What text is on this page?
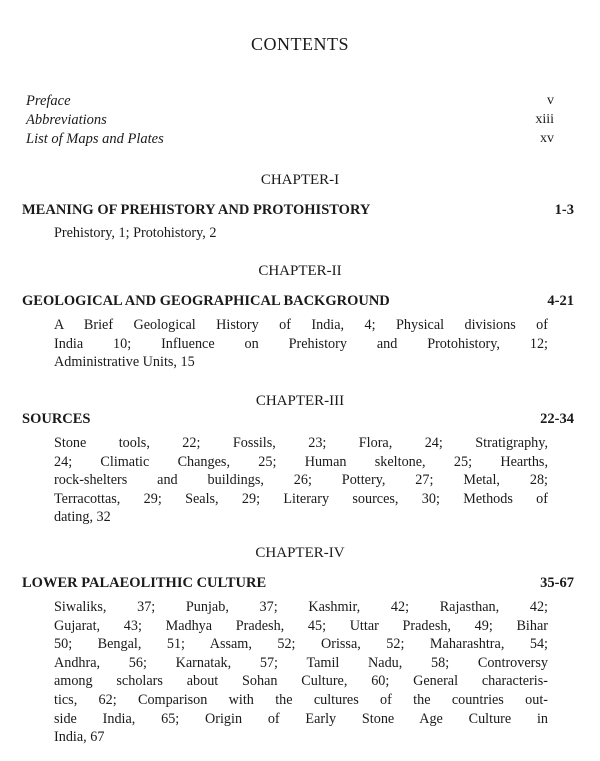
CONTENTS
Preface	v
Abbreviations	xiii
List of Maps and Plates	xv
CHAPTER-I
MEANING OF PREHISTORY AND PROTOHISTORY	1-3
Prehistory, 1; Protohistory, 2
CHAPTER-II
GEOLOGICAL AND GEOGRAPHICAL BACKGROUND	4-21
A Brief Geological History of India, 4; Physical divisions of
India 10; Influence on Prehistory and Protohistory, 12;
Administrative Units, 15
CHAPTER-III
SOURCES	22-34
Stone tools, 22; Fossils, 23; Flora, 24; Stratigraphy,
24; Climatic Changes, 25; Human skeltone, 25; Hearths,
rock-shelters and buildings, 26; Pottery, 27; Metal, 28;
Terracottas, 29; Seals, 29; Literary sources, 30; Methods of
dating, 32
CHAPTER-IV
LOWER PALAEOLITHIC CULTURE	35-67
Siwaliks, 37; Punjab, 37; Kashmir, 42; Rajasthan, 42;
Gujarat, 43; Madhya Pradesh, 45; Uttar Pradesh, 49; Bihar
50; Bengal, 51; Assam, 52; Orissa, 52; Maharashtra, 54;
Andhra, 56; Karnatak, 57; Tamil Nadu, 58; Controversy
among scholars about Sohan Culture, 60; General characteris-
tics, 62; Comparison with the cultures of the countries out-
side India, 65; Origin of Early Stone Age Culture in
India, 67
